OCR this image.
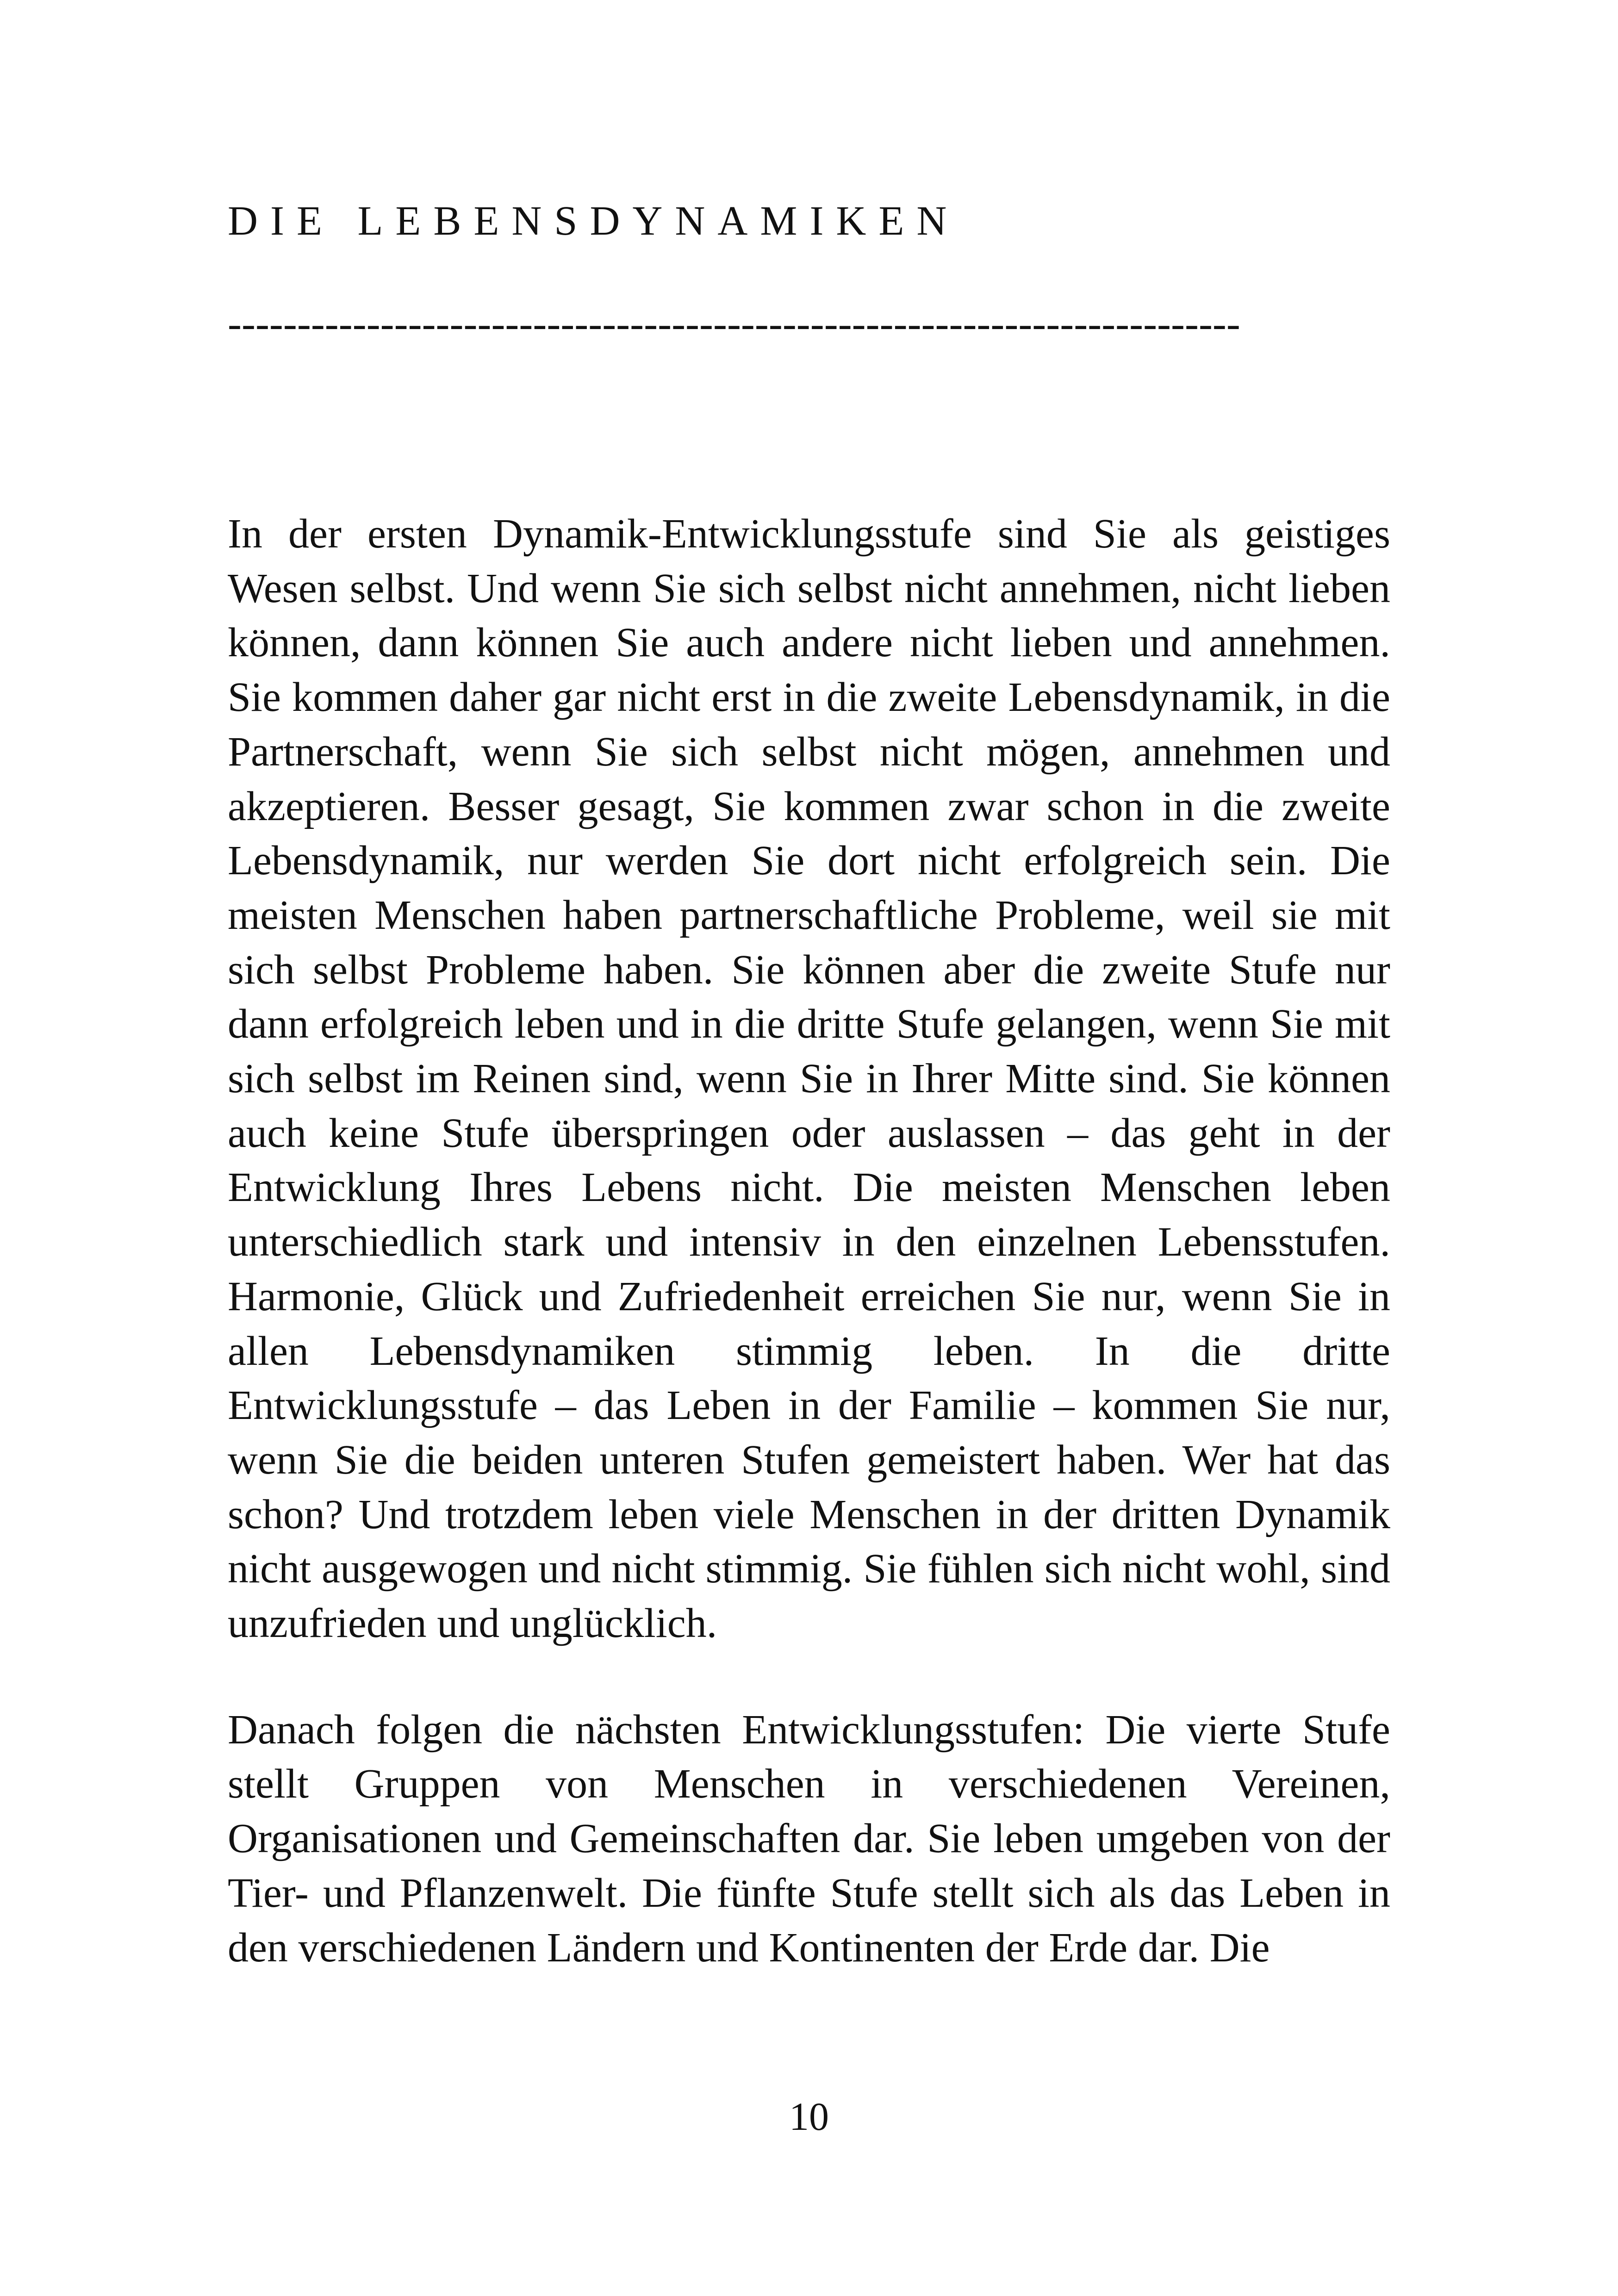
DIE LEBENSDYNAMIKEN
-------------------------------------------------------------------------

In der ersten Dynamik-Entwicklungsstufe sind Sie als geistiges Wesen selbst. Und wenn Sie sich selbst nicht annehmen, nicht lieben können, dann können Sie auch andere nicht lieben und annehmen. Sie kommen daher gar nicht erst in die zweite Lebensdynamik, in die Partnerschaft, wenn Sie sich selbst nicht mögen, annehmen und akzeptieren. Besser gesagt, Sie kommen zwar schon in die zweite Lebensdynamik, nur werden Sie dort nicht erfolgreich sein. Die meisten Menschen haben partnerschaftliche Probleme, weil sie mit sich selbst Probleme haben. Sie können aber die zweite Stufe nur dann erfolgreich leben und in die dritte Stufe gelangen, wenn Sie mit sich selbst im Reinen sind, wenn Sie in Ihrer Mitte sind. Sie können auch keine Stufe überspringen oder auslassen – das geht in der Entwicklung Ihres Lebens nicht. Die meisten Menschen leben unterschiedlich stark und intensiv in den einzelnen Lebensstufen. Harmonie, Glück und Zufriedenheit erreichen Sie nur, wenn Sie in allen Lebensdynamiken stimmig leben. In die dritte Entwicklungsstufe – das Leben in der Familie – kommen Sie nur, wenn Sie die beiden unteren Stufen gemeistert haben. Wer hat das schon? Und trotzdem leben viele Menschen in der dritten Dynamik nicht ausgewogen und nicht stimmig. Sie fühlen sich nicht wohl, sind unzufrieden und unglücklich.

Danach folgen die nächsten Entwicklungsstufen: Die vierte Stufe stellt Gruppen von Menschen in verschiedenen Vereinen, Organisationen und Gemeinschaften dar. Sie leben umgeben von der Tier- und Pflanzenwelt. Die fünfte Stufe stellt sich als das Leben in den verschiedenen Ländern und Kontinenten der Erde dar. Die

10
